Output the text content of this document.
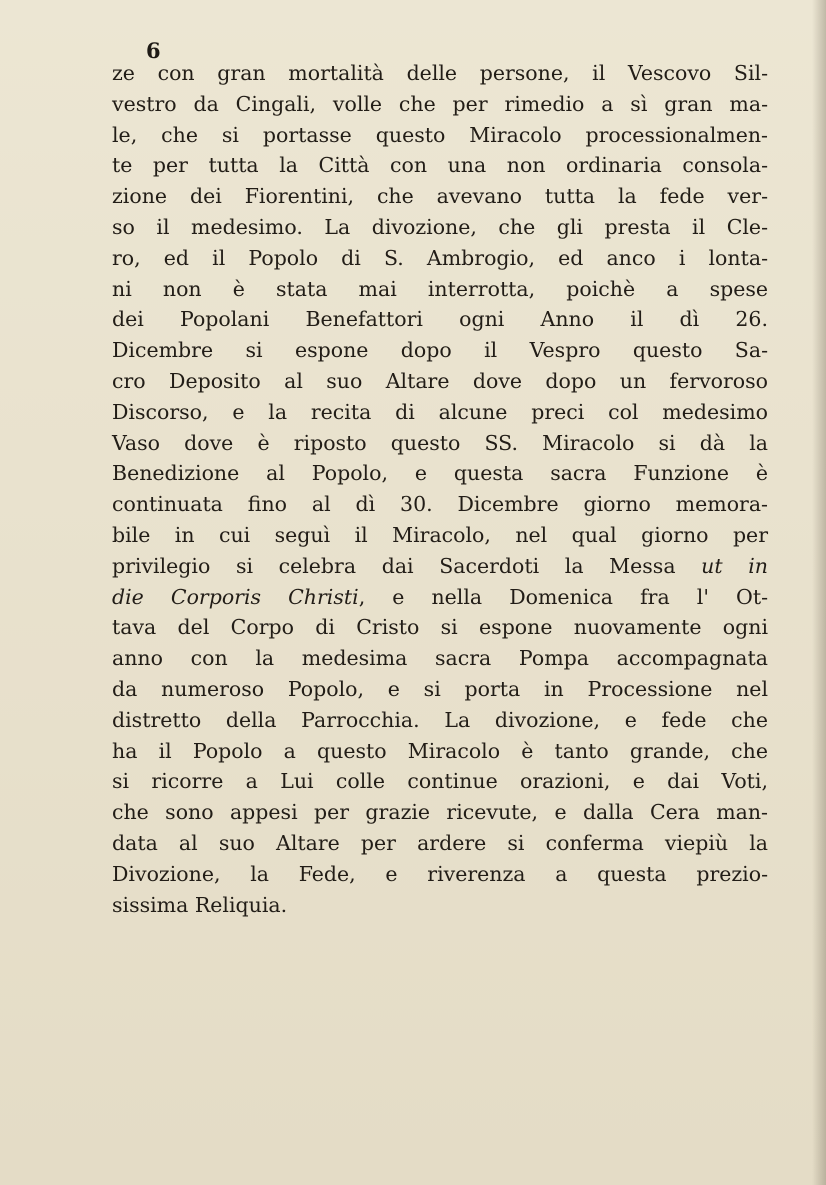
6
ze con gran mortalità delle persone, il Vescovo Sil-
vestro da Cingali, volle che per rimedio a sì gran ma-
le, che si portasse questo Miracolo processionalmen-
te per tutta la Città con una non ordinaria consola-
zione dei Fiorentini, che avevano tutta la fede ver-
so il medesimo. La divozione, che gli presta il Cle-
ro, ed il Popolo di S. Ambrogio, ed anco i lonta-
ni non è stata mai interrotta, poichè a spese
dei Popolani Benefattori ogni Anno il dì 26.
Dicembre si espone dopo il Vespro questo Sa-
cro Deposito al suo Altare dove dopo un fervoroso
Discorso, e la recita di alcune preci col medesimo
Vaso dove è riposto questo SS. Miracolo si dà la
Benedizione al Popolo, e questa sacra Funzione è
continuata fino al dì 30. Dicembre giorno memora-
bile in cui seguì il Miracolo, nel qual giorno per
privilegio si celebra dai Sacerdoti la Messa ut in
die Corporis Christi, e nella Domenica fra l' Ot-
tava del Corpo di Cristo si espone nuovamente ogni
anno con la medesima sacra Pompa accompagnata
da numeroso Popolo, e si porta in Processione nel
distretto della Parrocchia. La divozione, e fede che
ha il Popolo a questo Miracolo è tanto grande, che
si ricorre a Lui colle continue orazioni, e dai Voti,
che sono appesi per grazie ricevute, e dalla Cera man-
data al suo Altare per ardere si conferma viepiù la
Divozione, la Fede, e riverenza a questa prezio-
sissima Reliquia.
